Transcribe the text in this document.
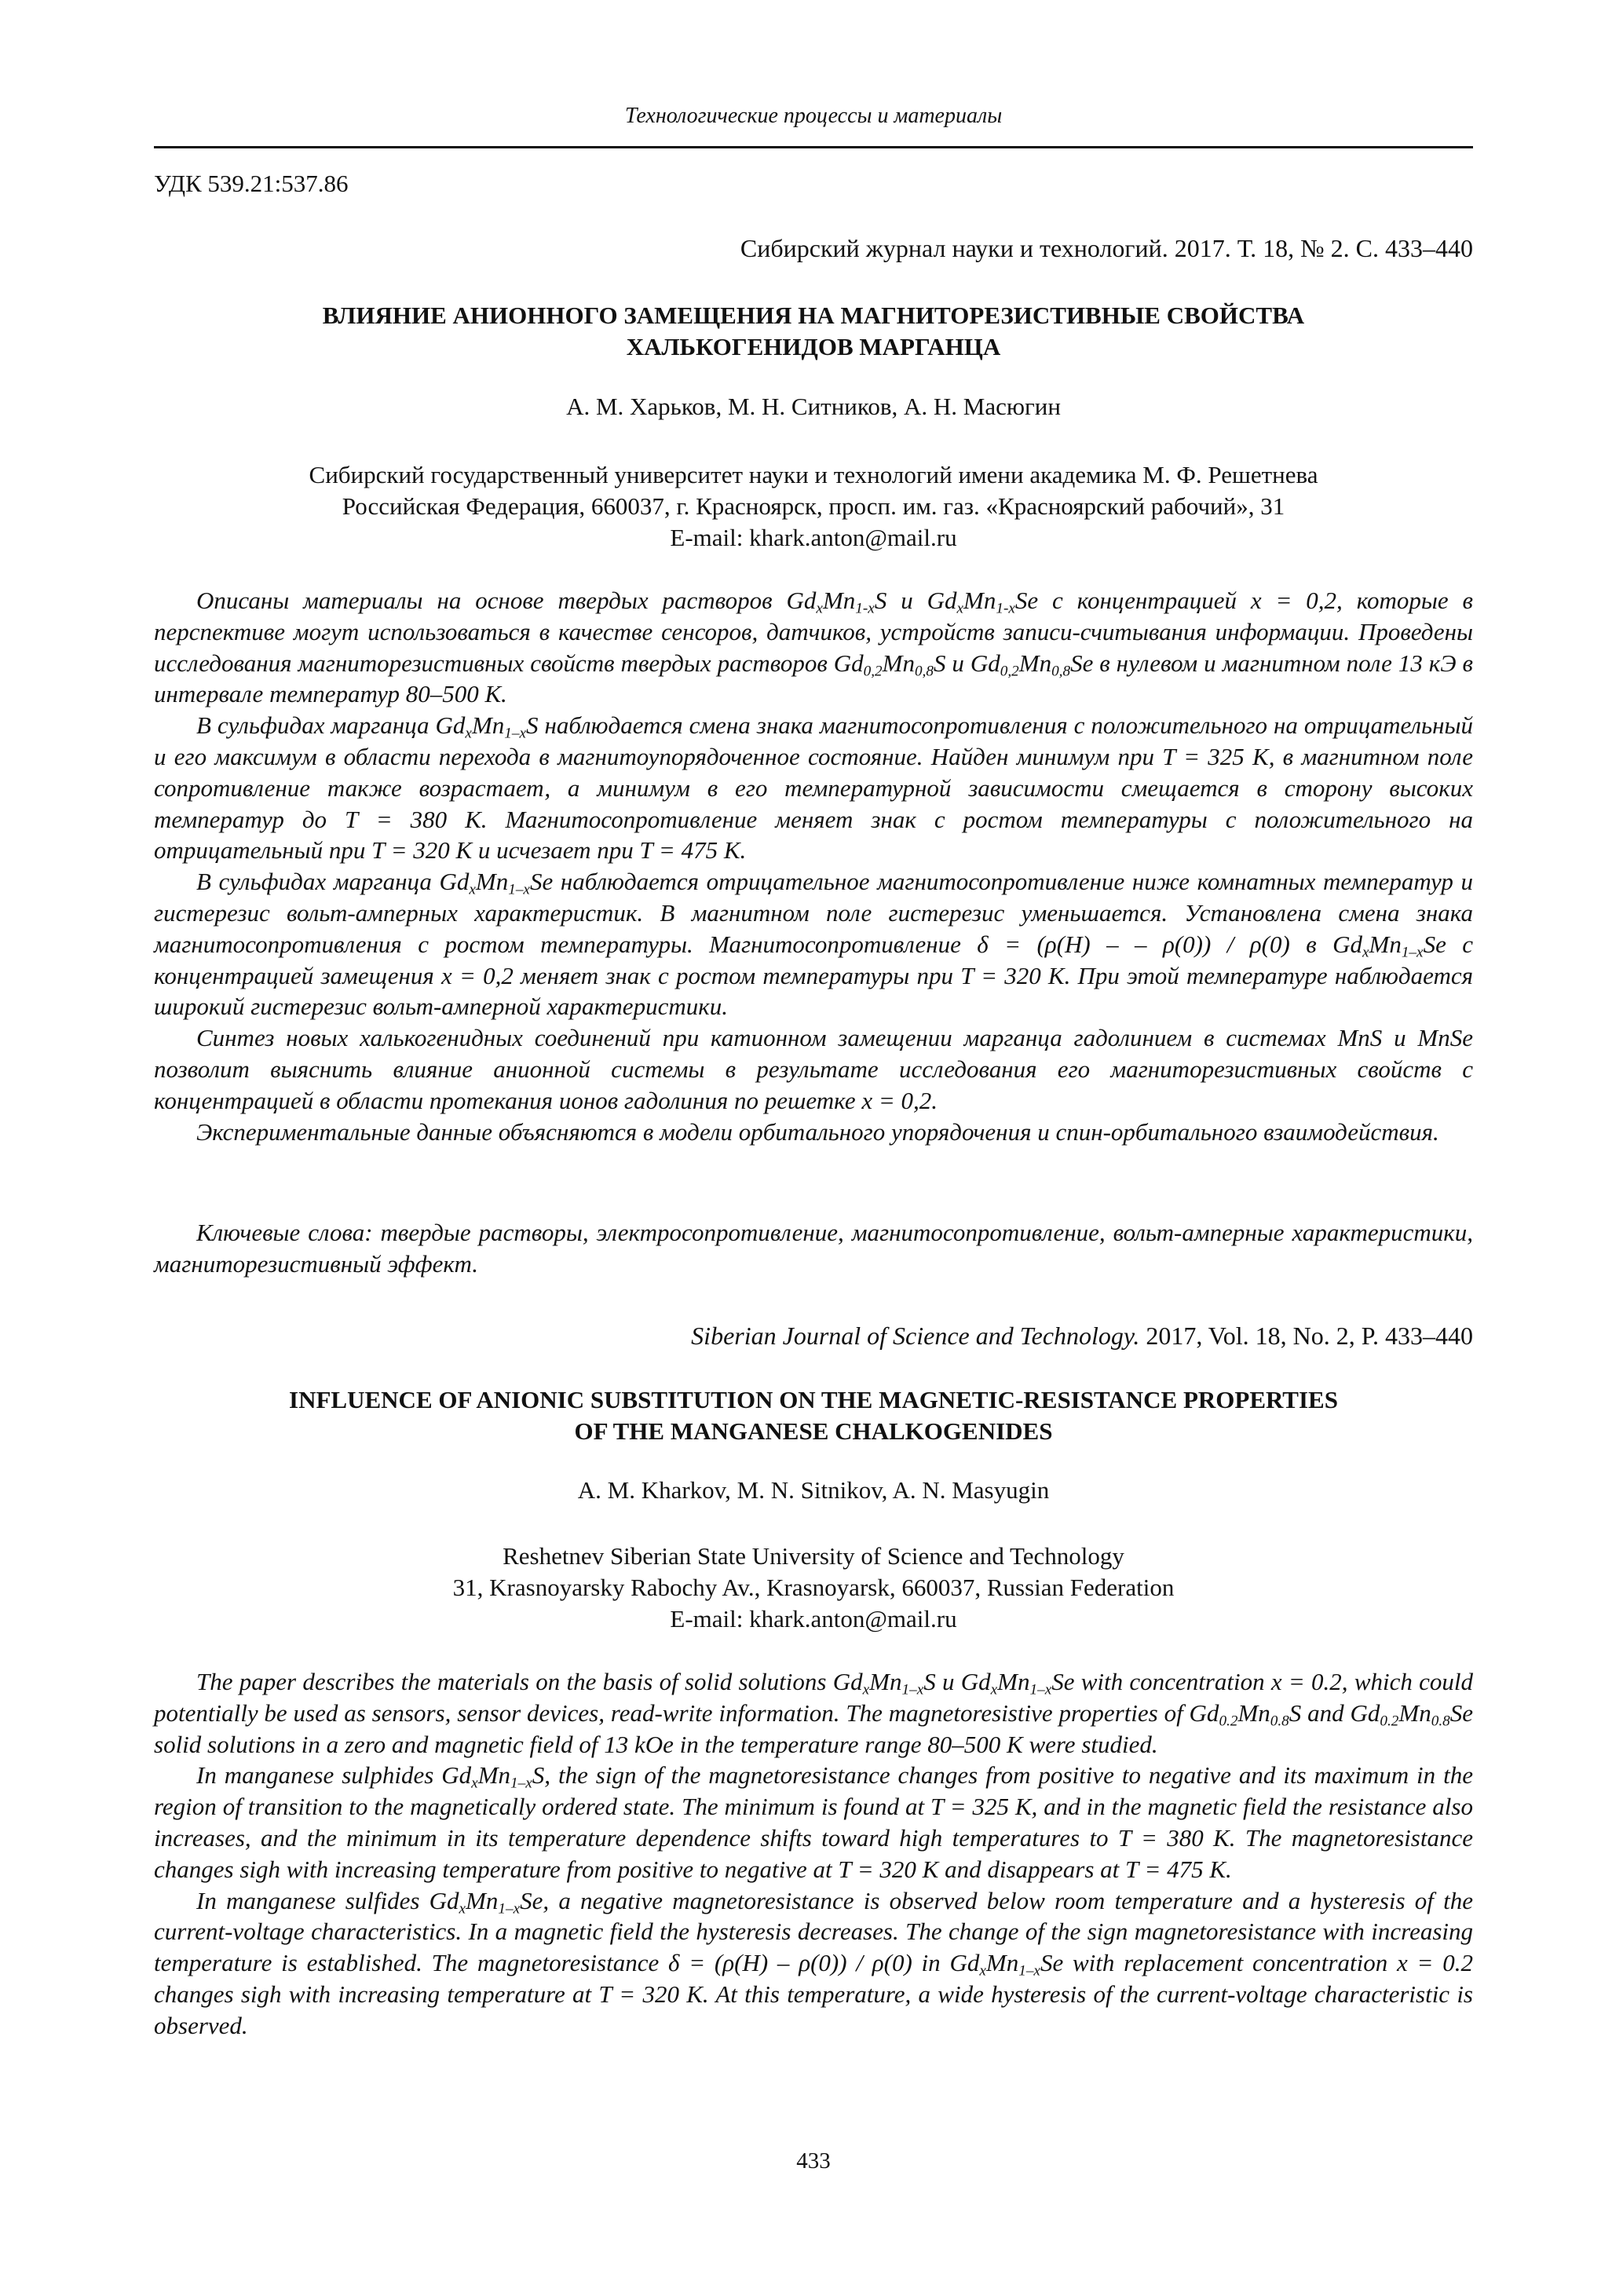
Технологические процессы и материалы
УДК 539.21:537.86
Сибирский журнал науки и технологий. 2017. Т. 18, № 2. С. 433–440
ВЛИЯНИЕ АНИОННОГО ЗАМЕЩЕНИЯ НА МАГНИТОРЕЗИСТИВНЫЕ СВОЙСТВА
ХАЛЬКОГЕНИДОВ МАРГАНЦА
А. М. Харьков, М. Н. Ситников, А. Н. Масюгин
Сибирский государственный университет науки и технологий имени академика М. Ф. Решетнева
Российская Федерация, 660037, г. Красноярск, просп. им. газ. «Красноярский рабочий», 31
E-mail: khark.anton@mail.ru

Описаны материалы на основе твердых растворов $Gd_xMn_{1-x}S$ и $Gd_xMn_{1-x}Se$ с концентрацией x = 0,2, которые в перспективе могут использоваться в качестве сенсоров, датчиков, устройств записи-считывания информации. Проведены исследования магниторезистивных свойств твердых растворов $Gd_{0,2}Mn_{0,8}S$ и $Gd_{0,2}Mn_{0,8}Se$ в нулевом и магнитном поле 13 кЭ в интервале температур 80–500 К.

В сульфидах марганца $Gd_xMn_{1-x}S$ наблюдается смена знака магнитосопротивления с положительного на отрицательный и его максимум в области перехода в магнитоупорядоченное состояние. Найден минимум при T = 325 K, в магнитном поле сопротивление также возрастает, а минимум в его температурной зависимости смещается в сторону высоких температур до T = 380 K. Магнитосопротивление меняет знак с ростом температуры с положительного на отрицательный при T = 320 K и исчезает при T = 475 K.

В сульфидах марганца $Gd_xMn_{1-x}Se$ наблюдается отрицательное магнитосопротивление ниже комнатных температур и гистерезис вольт-амперных характеристик. В магнитном поле гистерезис уменьшается. Установлена смена знака магнитосопротивления с ростом температуры. Магнитосопротивление δ = (ρ(H) – – ρ(0)) / ρ(0) в $Gd_xMn_{1-x}Se$ с концентрацией замещения x = 0,2 меняет знак с ростом температуры при T = 320 K. При этой температуре наблюдается широкий гистерезис вольт-амперной характеристики.

Синтез новых халькогенидных соединений при катионном замещении марганца гадолинием в системах MnS и MnSe позволит выяснить влияние анионной системы в результате исследования его магниторезистивных свойств с концентрацией в области протекания ионов гадолиния по решетке x = 0,2.

Экспериментальные данные объясняются в модели орбитального упорядочения и спин-орбитального взаимодействия.

Ключевые слова: твердые растворы, электросопротивление, магнитосопротивление, вольт-амперные характеристики, магниторезистивный эффект.

Siberian Journal of Science and Technology. 2017, Vol. 18, No. 2, P. 433–440
INFLUENCE OF ANIONIC SUBSTITUTION ON THE MAGNETIC-RESISTANCE PROPERTIES
OF THE MANGANESE CHALKOGENIDES
A. M. Kharkov, M. N. Sitnikov, A. N. Masyugin
Reshetnev Siberian State University of Science and Technology
31, Krasnoyarsky Rabochy Av., Krasnoyarsk, 660037, Russian Federation
E-mail: khark.anton@mail.ru

The paper describes the materials on the basis of solid solutions $Gd_xMn_{1-x}S$ и $Gd_xMn_{1-x}Se$ with concentration x = 0.2, which could potentially be used as sensors, sensor devices, read-write information. The magnetoresistive properties of $Gd_{0.2}Mn_{0.8}S$ and $Gd_{0.2}Mn_{0.8}Se$ solid solutions in a zero and magnetic field of 13 kOe in the temperature range 80–500 K were studied.

In manganese sulphides $Gd_xMn_{1-x}S$, the sign of the magnetoresistance changes from positive to negative and its maximum in the region of transition to the magnetically ordered state. The minimum is found at T = 325 K, and in the magnetic field the resistance also increases, and the minimum in its temperature dependence shifts toward high temperatures to T = 380 K. The magnetoresistance changes sigh with increasing temperature from positive to negative at T = 320 K and disappears at T = 475 K.

In manganese sulfides $Gd_xMn_{1-x}Se$, a negative magnetoresistance is observed below room temperature and a hysteresis of the current-voltage characteristics. In a magnetic field the hysteresis decreases. The change of the sign magnetoresistance with increasing temperature is established. The magnetoresistance δ = (ρ(H) – ρ(0)) / ρ(0) in $Gd_xMn_{1-x}Se$ with replacement concentration x = 0.2 changes sigh with increasing temperature at T = 320 K. At this temperature, a wide hysteresis of the current-voltage characteristic is observed.

433
